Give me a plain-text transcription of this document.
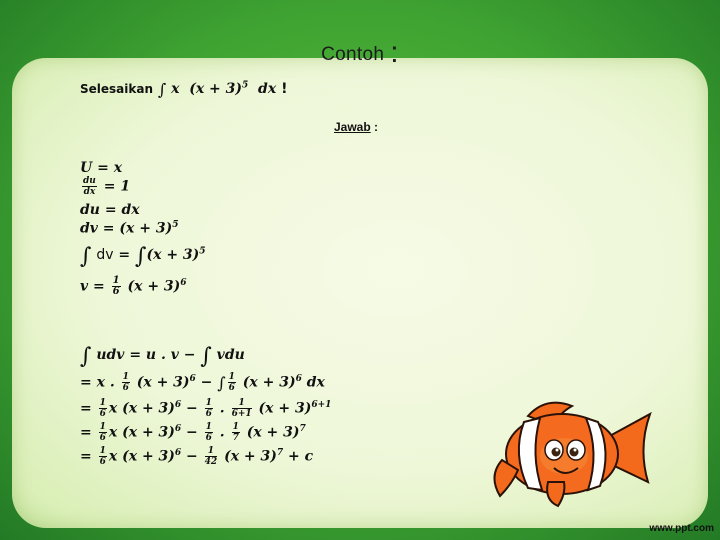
Contoh :
Selesaikan ∫ x  $(x + 3)^5$  dx !
Jawab :
U = x
$\frac{du}{dx} = 1$
du = dx
dv = $(x + 3)^5$
∫ dv = $\int(x + 3)^5$
$v = \frac{1}{6} (x + 3)^6$
∫ udv = u . v − ∫ vdu
= x . $\frac{1}{6} (x + 3)^6$ − ∫ $\frac{1}{6} (x + 3)^6$ dx
= $\frac{1}{6}$ x $(x + 3)^6 - \frac{1}{6}$ . $\frac{1}{6+1} (x + 3)^{6+1}$
= $\frac{1}{6}$ x $(x + 3)^6 - \frac{1}{6}$ . $\frac{1}{7} (x + 3)^7$
= $\frac{1}{6}$ x $(x + 3)^6 - \frac{1}{42} (x + 3)^7 + c$
www.ppt.com
